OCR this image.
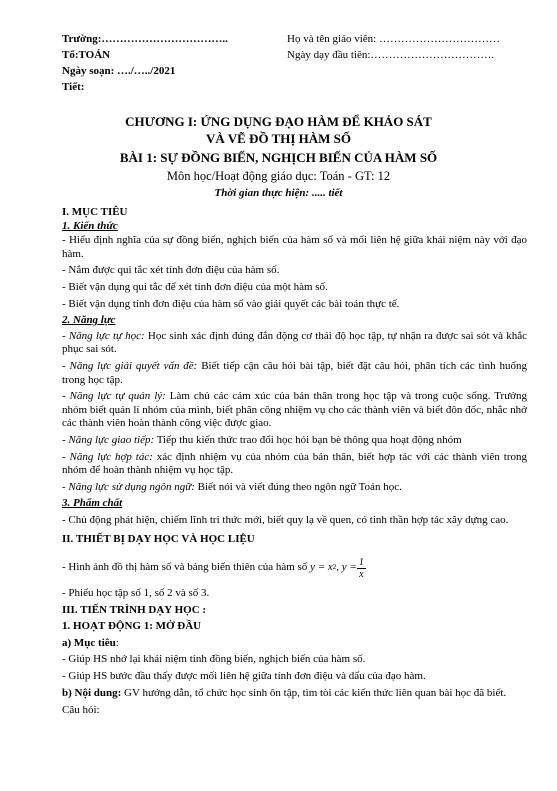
Trường:……………………………..
Tổ:TOÁN
Ngày soạn: …./…../2021
Tiết:
Họ và tên giáo viên: ……………………………
Ngày dạy đầu tiên:…………………………….
CHƯƠNG I: ỨNG DỤNG ĐẠO HÀM ĐỂ KHẢO SÁT
VÀ VẼ ĐỒ THỊ HÀM SỐ
BÀI 1: SỰ ĐỒNG BIẾN, NGHỊCH BIẾN CỦA HÀM SỐ
Môn học/Hoạt động giáo dục: Toán - GT: 12
Thời gian thực hiện: ..... tiết

I. MỤC TIÊU

1. Kiến thức

- Hiểu định nghĩa của sự đồng biến, nghịch biến của hàm số và mối liên hệ giữa khái niệm này với đạo hàm.

- Nắm được qui tắc xét tính đơn điệu của hàm số.

- Biết vận dụng qui tắc để xét tính đơn điệu của một hàm số.

- Biết vận dụng tính đơn điệu của hàm số vào giải quyết các bài toán thực tế.

2. Năng lực

- Năng lực tự học: Học sinh xác định đúng đắn động cơ thái độ học tập, tự nhận ra được sai sót và khắc phục sai sót.

- Năng lực giải quyết vấn đề: Biết tiếp cận câu hỏi bài tập, biết đặt câu hỏi, phân tích các tình huống trong học tập.

- Năng lực tự quản lý: Làm chủ các cảm xúc của bản thân trong học tập và trong cuộc sống. Trưởng nhóm biết quản lí nhóm của mình, biết phân công nhiệm vụ cho các thành viên và biết đôn đốc, nhắc nhở các thành viên hoàn thành công việc được giao.

- Năng lực giao tiếp: Tiếp thu kiến thức trao đổi học hỏi bạn bè thông qua hoạt động nhóm

- Năng lực hợp tác: xác định nhiệm vụ của nhóm của bản thân, biết hợp tác với các thành viên trong nhóm để hoàn thành nhiệm vụ học tập.

- Năng lực sử dụng ngôn ngữ: Biết nói và viết đúng theo ngôn ngữ Toán học.

3. Phẩm chất

- Chủ động phát hiện, chiếm lĩnh tri thức mới, biết quy lạ về quen, có tinh thần hợp tác xây dựng cao.

II. THIẾT BỊ DẠY HỌC VÀ HỌC LIỆU

- Hình ảnh đồ thị hàm số và bảng biến thiên của hàm số
y = x 2 ,
$y = \frac{1}{x}$

- Phiếu học tập số 1, số 2 và số 3.

III. TIẾN TRÌNH DẠY HỌC :

1. HOẠT ĐỘNG 1: MỞ ĐẦU

a) Mục tiêu:

- Giúp HS nhớ lại khái niệm tính đồng biến, nghịch biến của hàm số.

- Giúp HS bước đầu thấy được mối liên hệ giữa tính đơn điệu và dấu của đạo hàm.

b) Nội dung: GV hướng dẫn, tổ chức học sinh ôn tập, tìm tòi các kiến thức liên quan bài học đã biết.

Câu hỏi:
